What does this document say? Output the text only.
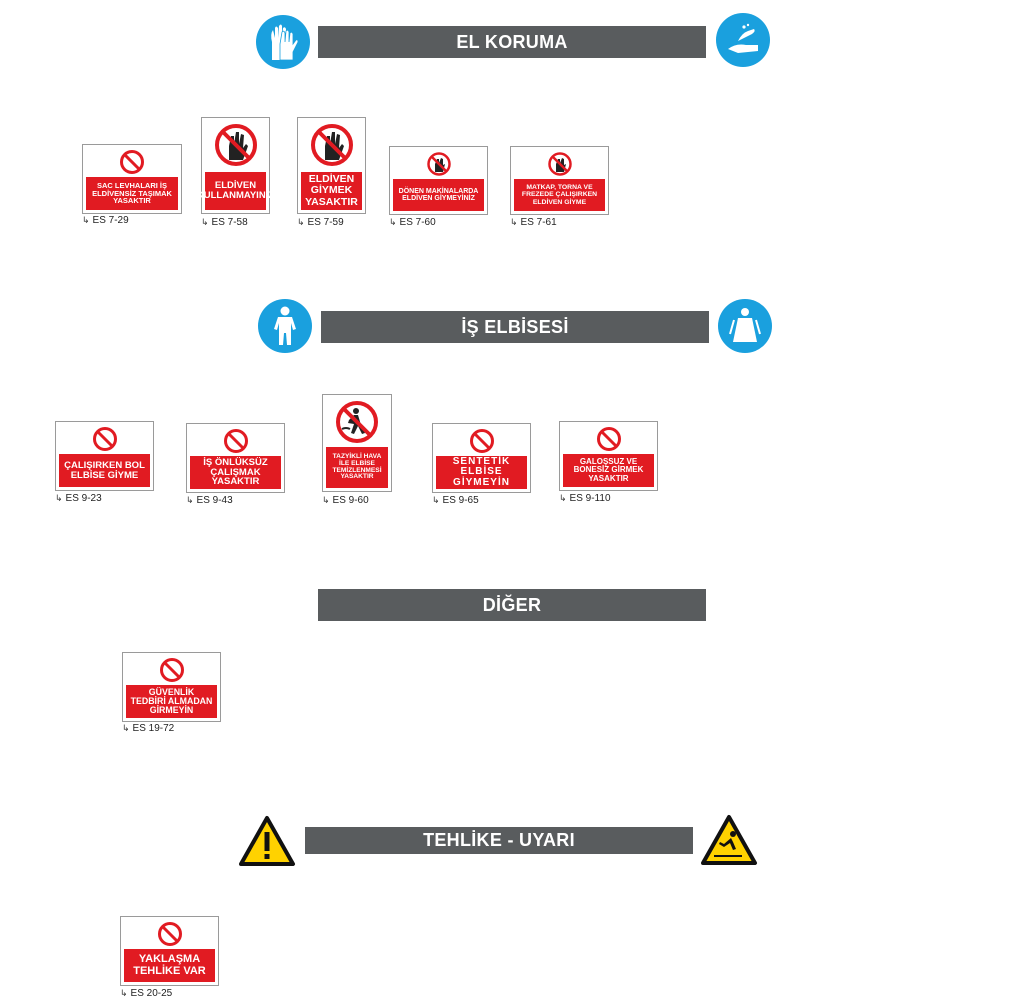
EL KORUMA
SAC LEVHALARI İŞ ELDİVENSİZ TAŞIMAK YASAKTIR
↳ ES 7-29
ELDİVEN KULLANMAYINIZ
↳ ES 7-58
ELDİVEN GİYMEK YASAKTIR
↳ ES 7-59
DÖNEN MAKİNALARDA ELDİVEN GİYMEYİNİZ
↳ ES 7-60
MATKAP, TORNA VE FREZEDE ÇALIŞIRKEN ELDİVEN GİYME
↳ ES 7-61
İŞ ELBİSESİ
ÇALIŞIRKEN BOL ELBİSE GİYME
↳ ES 9-23
İŞ ÖNLÜKSÜZ ÇALIŞMAK YASAKTIR
↳ ES 9-43
TAZYİKLİ HAVA İLE ELBİSE TEMİZLENMESİ YASAKTIR
↳ ES 9-60
SENTETİK ELBİSE GİYMEYİN
↳ ES 9-65
GALOŞSUZ VE BONESİZ GİRMEK YASAKTIR
↳ ES 9-110
DİĞER
GÜVENLİK TEDBİRİ ALMADAN GİRMEYİN
↳ ES 19-72
TEHLİKE - UYARI
YAKLAŞMA TEHLİKE VAR
↳ ES 20-25
